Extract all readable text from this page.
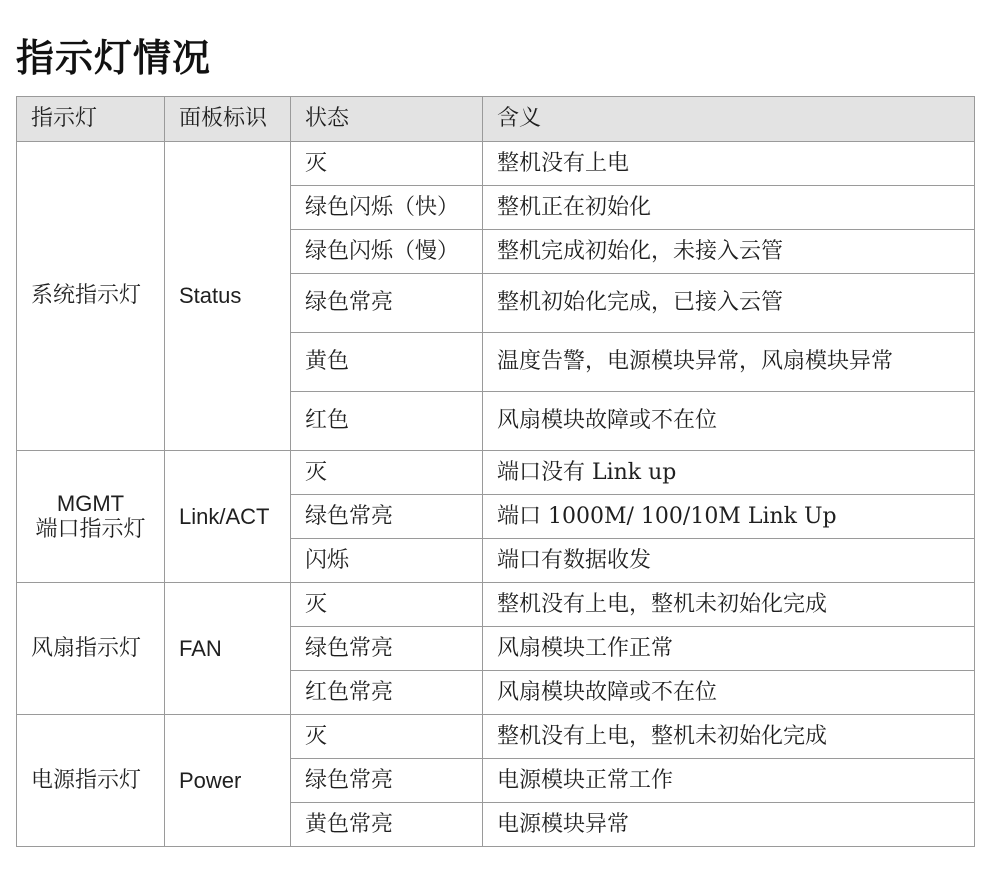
指示灯情况
指示灯	面板标识	状态	含义
系统指示灯	Status	灭	整机没有上电
		绿色闪烁（快）	整机正在初始化
		绿色闪烁（慢）	整机完成初始化，未接入云管
		绿色常亮	整机初始化完成，已接入云管
		黄色	温度告警，电源模块异常，风扇模块异常
		红色	风扇模块故障或不在位

MGMT
端口指示灯	Link/ACT	灭	端口没有 Link up
		绿色常亮	端口 1000M/ 100/10M Link Up
		闪烁	端口有数据收发
风扇指示灯	FAN	灭	整机没有上电，整机未初始化完成
		绿色常亮	风扇模块工作正常
		红色常亮	风扇模块故障或不在位
电源指示灯	Power	灭	整机没有上电，整机未初始化完成
		绿色常亮	电源模块正常工作
		黄色常亮	电源模块异常
